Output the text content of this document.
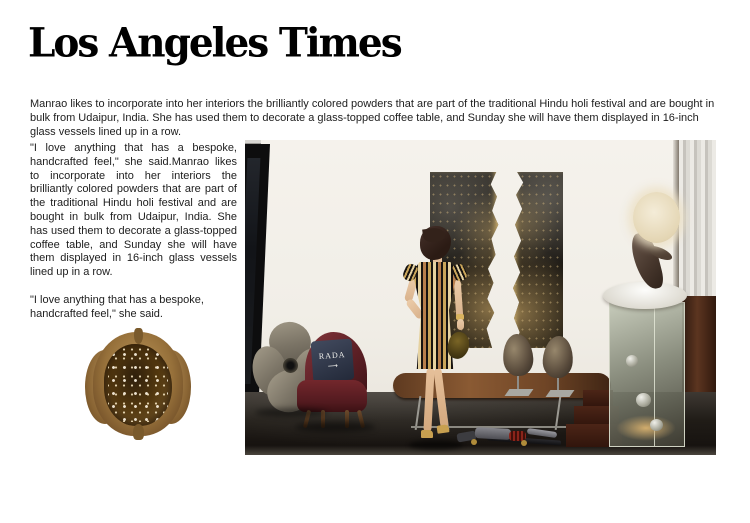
Los Angeles Times

Manrao likes to incorporate into her interiors the brilliantly colored powders that are part of the traditional Hindu holi festival and are bought in bulk from Udaipur, India. She has used them to decorate a glass-topped coffee table, and Sunday she will have them displayed in 16-inch glass vessels lined up in a row.

"I love anything that has a bespoke, handcrafted feel," she said.Manrao likes to incorporate into her interiors the brilliantly colored powders that are part of the traditional Hindu holi festival and are bought in bulk from Udaipur, India. She has used them to decorate a glass-topped coffee table, and Sunday she will have them displayed in 16-inch glass vessels lined up in a row.

"I love anything that has a bespoke, handcrafted feel," she said.

RADA
⟶
